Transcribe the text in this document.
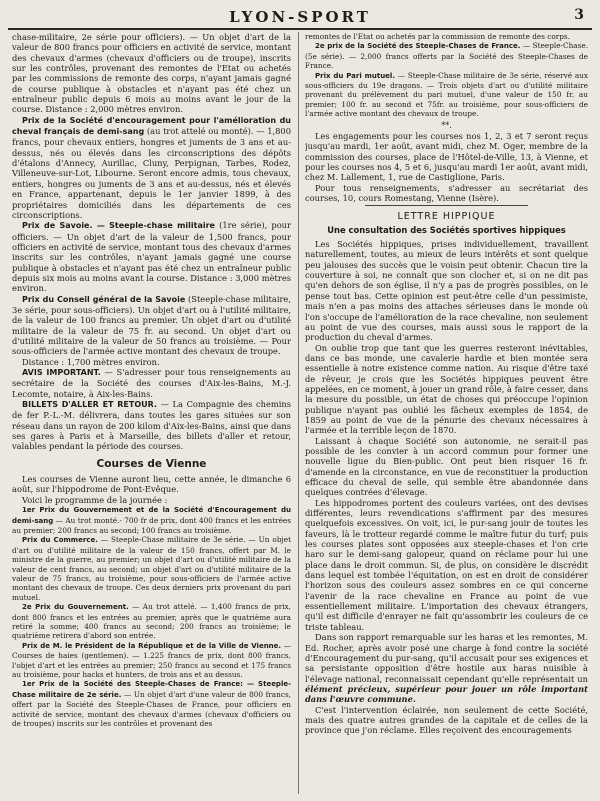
LYON-SPORT	3

chase-militaire, 2e série pour officiers). — Un objet d'art de la valeur de 800 francs pour officiers en activité de service, montant des chevaux d'armes (chevaux d'officiers ou de troupe), inscrits sur les contrôles, provenant des remontes de l'Etat ou achetés par les commissions de remonte des corps, n'ayant jamais gagné de course publique à obstacles et n'ayant pas été chez un entraîneur public depuis 6 mois au moins avant le jour de la course. Distance : 2,000 mètres environ.

Prix de la Société d'encouragement pour l'amélioration du cheval français de demi-sang (au trot attelé ou monté). — 1,800 francs, pour chevaux entiers, hongres et juments de 3 ans et au-dessus, nés ou élevés dans les circonscriptions des dépôts d'étalons d'Annecy, Aurillac, Cluny, Perpignan, Tarbes, Rodez, Villeneuve-sur-Lot, Libourne. Seront encore admis, tous chevaux, entiers, hongres ou juments de 3 ans et au-dessus, nés et élevés en France, appartenant, depuis le 1er janvier 1899, à des propriétaires domiciliés dans les départements de ces circonscriptions.

Prix de Savoie. — Steeple-chase militaire (1re série), pour officiers. — Un objet d'art de la valeur de 1,500 francs, pour officiers en activité de service, montant tous des chevaux d'armes inscrits sur les contrôles, n'ayant jamais gagné une course publique à obstacles et n'ayant pas été chez un entraîneur public depuis six mois au moins avant la course. Distance : 3,000 mètres environ.

Prix du Conseil général de la Savoie (Steeple-chase militaire, 3e série, pour sous-officiers). Un objet d'art ou à l'utilité militaire, de la valeur de 100 francs au premier. Un objet d'art ou d'utilité militaire de la valeur de 75 fr. au second. Un objet d'art ou d'utilité militaire de la valeur de 50 francs au troisième. — Pour sous-officiers de l'armée active montant des chevaux de troupe.

Distance : 1,700 mètres environ.

AVIS IMPORTANT. — S'adresser pour tous renseignements au secrétaire de la Société des courses d'Aix-les-Bains, M.-J. Lecomte, notaire, à Aix-les-Bains.

BILLETS D'ALLER ET RETOUR. — La Compagnie des chemins de fer P.-L.-M. délivrera, dans toutes les gares situées sur son réseau dans un rayon de 200 kilom d'Aix-les-Bains, ainsi que dans ses gares à Paris et à Marseille, des billets d'aller et retour, valables pendant la période des courses.

Courses de Vienne

Les courses de Vienne auront lieu, cette année, le dimanche 6 août, sur l'hippodrome de Pont-Evêque.

Voici le programme de la journée :

1er Prix du Gouvernement et de la Société d'Encouragement du demi-sang — Au trot monté.- 700 fr de prix, dont 400 francs et les entrées au premier; 200 francs au second; 100 francs au troisième.

Prix du Commerce. — Steeple-Chase militaire de 3e série. — Un objet d'art ou d'utilité militaire de la valeur de 150 francs, offert par M. le ministre de la guerre, au premier; un objet d'art ou d'utilité militaire de la valeur de cent francs, au second; un objet d'art ou d'utilité militaire de la valeur de 75 francs, au troisième, pour sous-officiers de l'armée active montant des chevaux de troupe. Ces deux derniers prix provenant du pari mutuel.

2e Prix du Gouvernement. — Au trot attelé. — 1,400 francs de prix, dont 800 francs et les entrées au premier, après que le quatrième aura retiré la somme; 400 francs au second; 200 francs au troisième; le quatrième retirera d'abord son entrée.

Prix de M. le Président de la République et de la Ville de Vienne. — Courses de haies (gentlemen). — 1.225 francs de prix, dont 800 francs, l'objet d'art et les entrées au premier; 250 francs au second et 175 francs au troisième, pour hacks et hunters, de trois ans et au dessus.

1er Prix de la Société des Steeple-Chases de France: — Steeple-Chase militaire de 2e série. — Un objet d'art d'une valeur de 800 francs, offert par la Société des Steeple-Chases de France, pour officiers en activité de service, montant des chevaux d'armes (chevaux d'officiers ou de troupes) inscrits sur les contrôles et provenant des

remontes de l'Etat ou achetés par la commission de remonte des corps.

2e prix de la Société des Steeple-Chases de France. — Steeple-Chase. (5e série). — 2,000 francs offerts par la Société des Steeple-Chases de France.

Prix du Pari mutuel. — Steeple-Chase militaire de 3e série, réservé aux sous-officiers du 19e dragons. — Trois objets d'art ou d'utilité militaire provenant du prélèvement du pari mutuel, d'une valeur de 150 fr. au premier; 100 fr. au second et 75fr. au troisième, pour sous-officiers de l'armée active montant des chevaux de troupe.

**.

Les engagements pour les courses nos 1, 2, 3 et 7 seront reçus jusqu'au mardi, 1er août, avant midi, chez M. Oger, membre de la commission des courses, place de l'Hôtel-de-Ville, 13, à Vienne, et pour les courses nos 4, 5 et 6, jusqu'au mardi 1er août, avant midi, chez M. Lallement, 1, rue de Castiglione, Paris.

Pour tous renseignements, s'adresser au secrétariat des courses, 10, cours Romestang, Vienne (Isère).

LETTRE HIPPIQUE
Une consultation des Sociétés sportives hippiques

Les Sociétés hippiques, prises individuellement, travaillent naturellement, toutes, au mieux de leurs intérêts et sont quelque peu jalouses des succès que le voisin peut obtenir. Chacun tire la couverture à soi, ne connaît que son clocher et, si on ne dit pas qu'en dehors de son église, il n'y a pas de progrès possibles, on le pense tout bas. Cette opinion est peut-être celle d'un pessimiste, mais n'en a pas moins des attaches sérieuses dans le monde où l'on s'occupe de l'amélioration de la race chevaline, non seulement au point de vue des courses, mais aussi sous le rapport de la production du cheval d'armes.

On oublie trop que tant que les guerres resteront inévitables, dans ce bas monde, une cavalerie hardie et bien montée sera essentielle à notre existence comme nation. Au risque d'être taxé de rêveur, je crois que les Sociétés hippiques peuvent être appelées, en ce moment, à jouer un grand rôle, à faire cesser, dans la mesure du possible, un état de choses qui préoccupe l'opinion publique n'ayant pas oublié les fâcheux exemples de 1854, de 1859 au point de vue de la pénurie des chevaux nécessaires à l'armée et la terrible leçon de 1870.

Laissant à chaque Société son autonomie, ne serait-il pas possible de les convier à un accord commun pour former une nouvelle ligue du Bien-public. Ont peut bien risquer 16 fr. d'amende en la circonstance, en vue de reconstituer la production efficace du cheval de selle, qui semble être abandonnée dans quelques contrées d'élevage.

Les hippodromes portent des couleurs variées, ont des devises différentes, leurs revendications s'affirment par des mesures quelquefois excessives. On voit, ici, le pur-sang jouir de toutes les faveurs, là le trotteur regardé comme le maître futur du turf; puis les courses plates sont opposées aux steeple-chases et l'on crie haro sur le demi-sang galopeur, quand on réclame pour lui une place dans le droit commun. Si, de plus, on considère le discrédit dans lequel est tombée l'équitation, on est en droit de considérer l'horizon sous des couleurs assez sombres en ce qui concerne l'avenir de la race chevaline en France au point de vue essentiellement militaire. L'importation des chevaux étrangers, qu'il est difficile d'enrayer ne fait qu'assombrir les couleurs de ce triste tableau.

Dans son rapport remarquable sur les haras et les remontes, M. Ed. Rocher, après avoir posé une charge à fond contre la société d'Encouragement du pur-sang, qu'il accusait pour ses exigences et sa persistante opposition d'être hostile aux haras nuisible à l'élevage national, reconnaissait cependant qu'elle représentait un élément précieux, supérieur pour jouer un rôle important dans l'œuvre commune.

C'est l'intervention éclairée, non seulement de cette Société, mais des quatre autres grandes de la capitale et de celles de la province que j'on réclame. Elles reçoivent des encouragements
